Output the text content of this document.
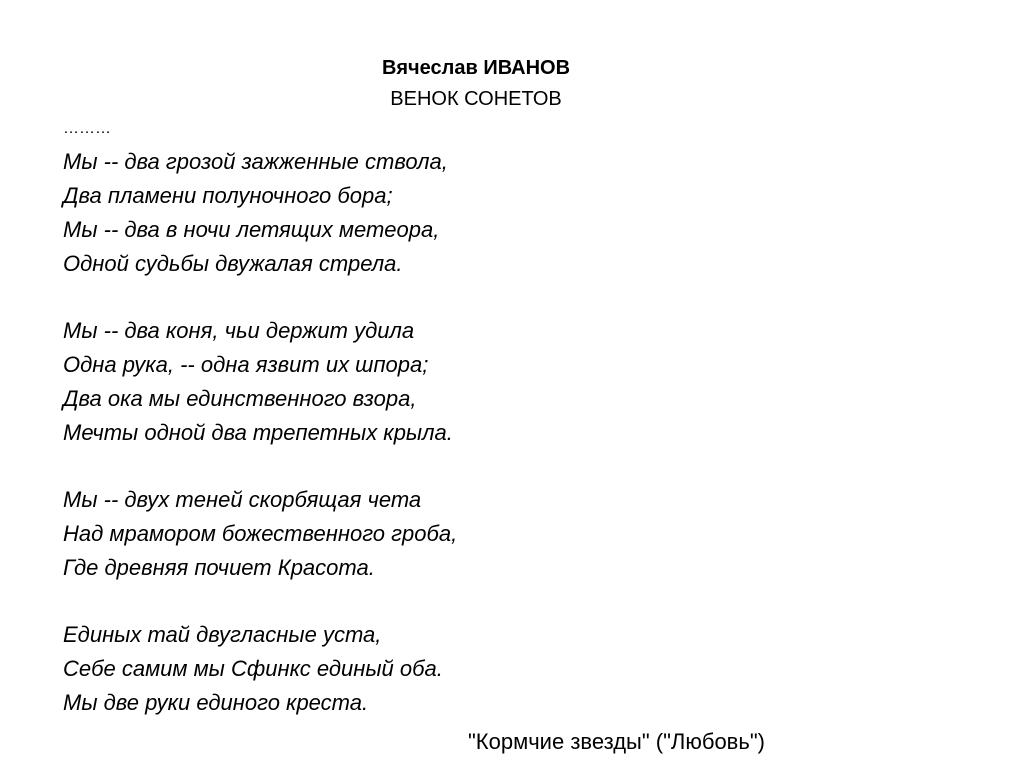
Вячеслав ИВАНОВ
ВЕНОК СОНЕТОВ
………
Мы -- два грозой зажженные ствола,
Два пламени полуночного бора;
Мы -- два в ночи летящих метеора,
Одной судьбы двужалая стрела.
Мы -- два коня, чьи держит удила
Одна рука, -- одна язвит их шпора;
Два ока мы единственного взора,
Мечты одной два трепетных крыла.
Мы -- двух теней скорбящая чета
Над мрамором божественного гроба,
Где древняя почиет Красота.
Единых тай двугласные уста,
Себе самим мы Сфинкс единый оба.
Мы две руки единого креста.
"Кормчие звезды" ("Любовь")
